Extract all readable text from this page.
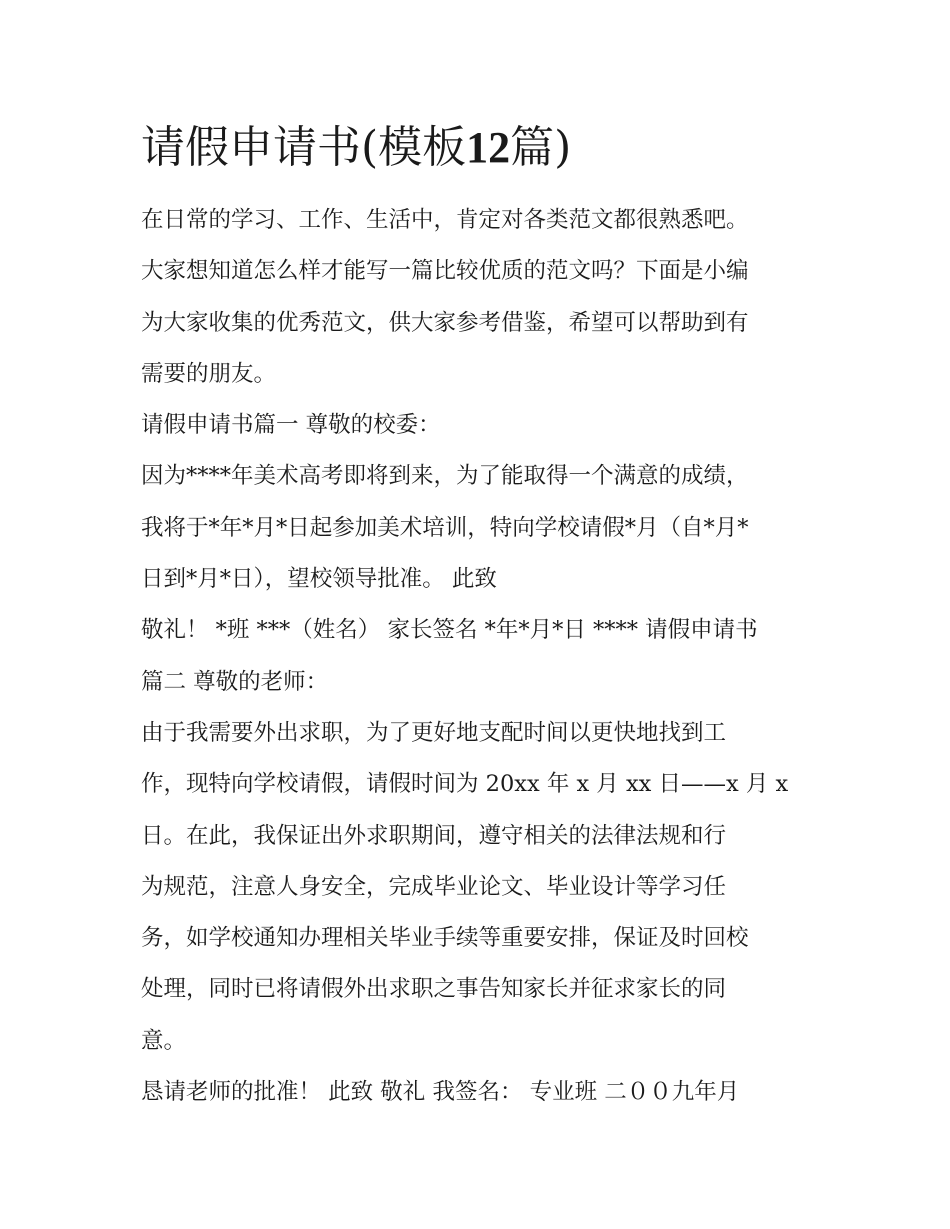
请假申请书(模板12篇)

在日常的学习、工作、生活中，肯定对各类范文都很熟悉吧。

大家想知道怎么样才能写一篇比较优质的范文吗？下面是小编

为大家收集的优秀范文，供大家参考借鉴，希望可以帮助到有

需要的朋友。

请假申请书篇一 尊敬的校委：

因为****年美术高考即将到来，为了能取得一个满意的成绩，

我将于*年*月*日起参加美术培训，特向学校请假*月（自*月*

日到*月*日），望校领导批准。 此致

敬礼！ *班 ***（姓名） 家长签名 *年*月*日 **** 请假申请书

篇二 尊敬的老师：

由于我需要外出求职，为了更好地支配时间以更快地找到工

作，现特向学校请假，请假时间为 20xx 年 x 月 xx 日——x 月 x

日。在此，我保证出外求职期间，遵守相关的法律法规和行

为规范，注意人身安全，完成毕业论文、毕业设计等学习任

务，如学校通知办理相关毕业手续等重要安排，保证及时回校

处理，同时已将请假外出求职之事告知家长并征求家长的同

意。

恳请老师的批准！ 此致 敬礼 我签名： 专业班 二００九年月
